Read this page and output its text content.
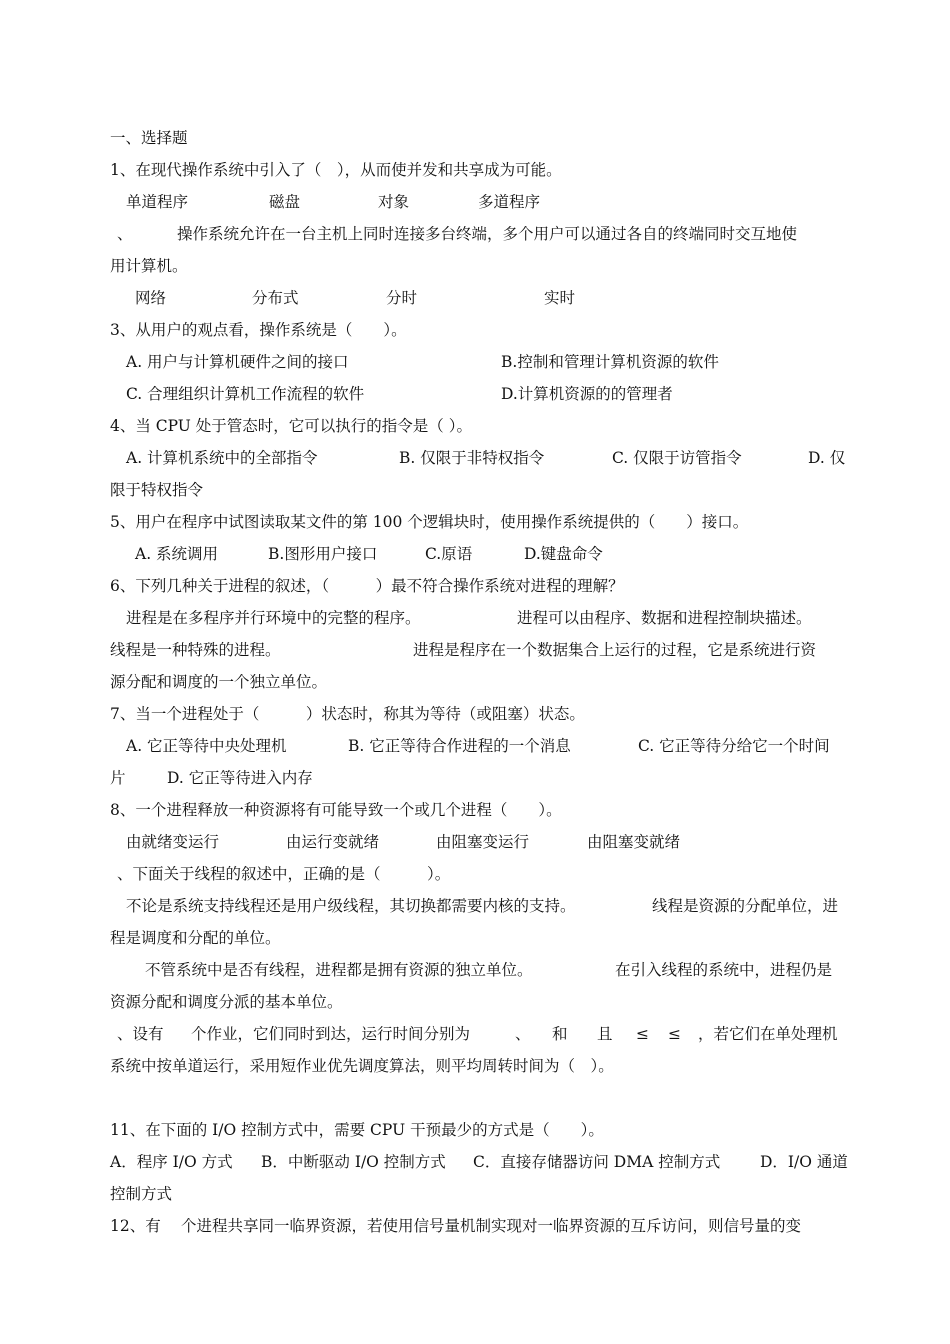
一、选择题
1、在现代操作系统中引入了（　），从而使并发和共享成为可能。
单道程序	磁盘	对象	多道程序
、	操作系统允许在一台主机上同时连接多台终端，多个用户可以通过各自的终端同时交互地使
用计算机。
网络	分布式	分时	实时
3、从用户的观点看，操作系统是（　　）。
A. 用户与计算机硬件之间的接口	B.控制和管理计算机资源的软件
C. 合理组织计算机工作流程的软件	D.计算机资源的的管理者
4、当 CPU 处于管态时，它可以执行的指令是（ ）。
A. 计算机系统中的全部指令	B. 仅限于非特权指令	C. 仅限于访管指令	D. 仅
限于特权指令
5、用户在程序中试图读取某文件的第 100 个逻辑块时，使用操作系统提供的（　　）接口。
A. 系统调用	B.图形用户接口	C.原语	D.键盘命令
6、下列几种关于进程的叙述，（　　　）最不符合操作系统对进程的理解？
进程是在多程序并行环境中的完整的程序。	进程可以由程序、数据和进程控制块描述。
线程是一种特殊的进程。	进程是程序在一个数据集合上运行的过程，它是系统进行资
源分配和调度的一个独立单位。
7、当一个进程处于（　　　）状态时，称其为等待（或阻塞）状态。
A. 它正等待中央处理机	B. 它正等待合作进程的一个消息	C. 它正等待分给它一个时间
片	D. 它正等待进入内存
8、一个进程释放一种资源将有可能导致一个或几个进程（　　）。
由就绪变运行	由运行变就绪	由阻塞变运行	由阻塞变就绪
、下面关于线程的叙述中，正确的是（　　　）。
不论是系统支持线程还是用户级线程，其切换都需要内核的支持。	线程是资源的分配单位，进
程是调度和分配的单位。
不管系统中是否有线程，进程都是拥有资源的独立单位。	在引入线程的系统中，进程仍是
资源分配和调度分派的基本单位。
、设有 个作业，它们同时到达，运行时间分别为	、 和 且 ≤ ≤ ，若它们在单处理机
系统中按单道运行，采用短作业优先调度算法，则平均周转时间为（　）。
11、在下面的 I/O 控制方式中，需要 CPU 干预最少的方式是（　　）。
A．程序 I/O 方式 B．中断驱动 I/O 控制方式 C．直接存储器访问 DMA 控制方式	D．I/O 通道
控制方式
12、有 个进程共享同一临界资源，若使用信号量机制实现对一临界资源的互斥访问，则信号量的变
